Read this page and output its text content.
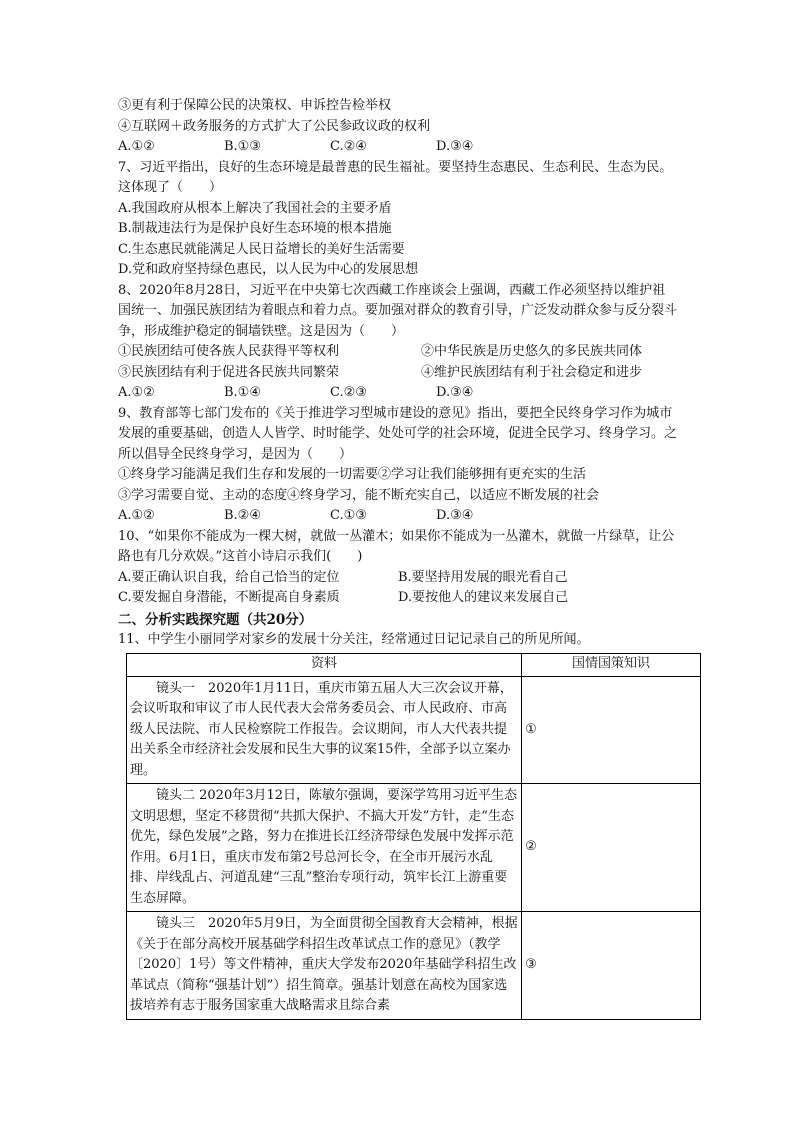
③更有利于保障公民的决策权、申诉控告检举权
④互联网＋政务服务的方式扩大了公民参政议政的权利
A.①②	B.①③	C.②④	D.③④
7、习近平指出，良好的生态环境是最普惠的民生福祉。要坚持生态惠民、生态利民、生态为民。这体现了（　　）
A.我国政府从根本上解决了我国社会的主要矛盾
B.制裁违法行为是保护良好生态环境的根本措施
C.生态惠民就能满足人民日益增长的美好生活需要
D.党和政府坚持绿色惠民，以人民为中心的发展思想
8、2020年8月28日，习近平在中央第七次西藏工作座谈会上强调，西藏工作必须坚持以维护祖国统一、加强民族团结为着眼点和着力点。要加强对群众的教育引导，广泛发动群众参与反分裂斗争，形成维护稳定的铜墙铁壁。这是因为（　　）
①民族团结可使各族人民获得平等权利	②中华民族是历史悠久的多民族共同体
③民族团结有利于促进各民族共同繁荣	④维护民族团结有利于社会稳定和进步
A.①②	B.①④	C.②③	D.③④
9、教育部等七部门发布的《关于推进学习型城市建设的意见》指出，要把全民终身学习作为城市发展的重要基础，创造人人皆学、时时能学、处处可学的社会环境，促进全民学习、终身学习。之所以倡导全民终身学习，是因为（　　）
①终身学习能满足我们生存和发展的一切需要②学习让我们能够拥有更充实的生活
③学习需要自觉、主动的态度④终身学习，能不断充实自己，以适应不断发展的社会
A.①②	B.②④	C.①③	D.③④
10、“如果你不能成为一棵大树，就做一丛灌木；如果你不能成为一丛灌木，就做一片绿草，让公路也有几分欢娱。”这首小诗启示我们(　　)
A.要正确认识自我，给自己恰当的定位	B.要坚持用发展的眼光看自己
C.要发掘自身潜能，不断提高自身素质	D.要按他人的建议来发展自己
二、分析实践探究题（共20分）
11、中学生小丽同学对家乡的发展十分关注，经常通过日记记录自己的所见所闻。
资料	国情国策知识
镜头一　2020年1月11日，重庆市第五届人大三次会议开幕，会议听取和审议了市人民代表大会常务委员会、市人民政府、市高级人民法院、市人民检察院工作报告。会议期间，市人大代表共提出关系全市经济社会发展和民生大事的议案15件，全部予以立案办理。	①
镜头二 2020年3月12日，陈敏尔强调，要深学笃用习近平生态文明思想，坚定不移贯彻“共抓大保护、不搞大开发”方针，走“生态优先，绿色发展”之路，努力在推进长江经济带绿色发展中发挥示范作用。6月1日，重庆市发布第2号总河长令，在全市开展污水乱排、岸线乱占、河道乱建“三乱”整治专项行动，筑牢长江上游重要生态屏障。	②
镜头三　2020年5月9日，为全面贯彻全国教育大会精神，根据《关于在部分高校开展基础学科招生改革试点工作的意见》（教学〔2020〕1号）等文件精神，重庆大学发布2020年基础学科招生改革试点（简称“强基计划”）招生简章。强基计划意在高校为国家选拔培养有志于服务国家重大战略需求且综合素	③
